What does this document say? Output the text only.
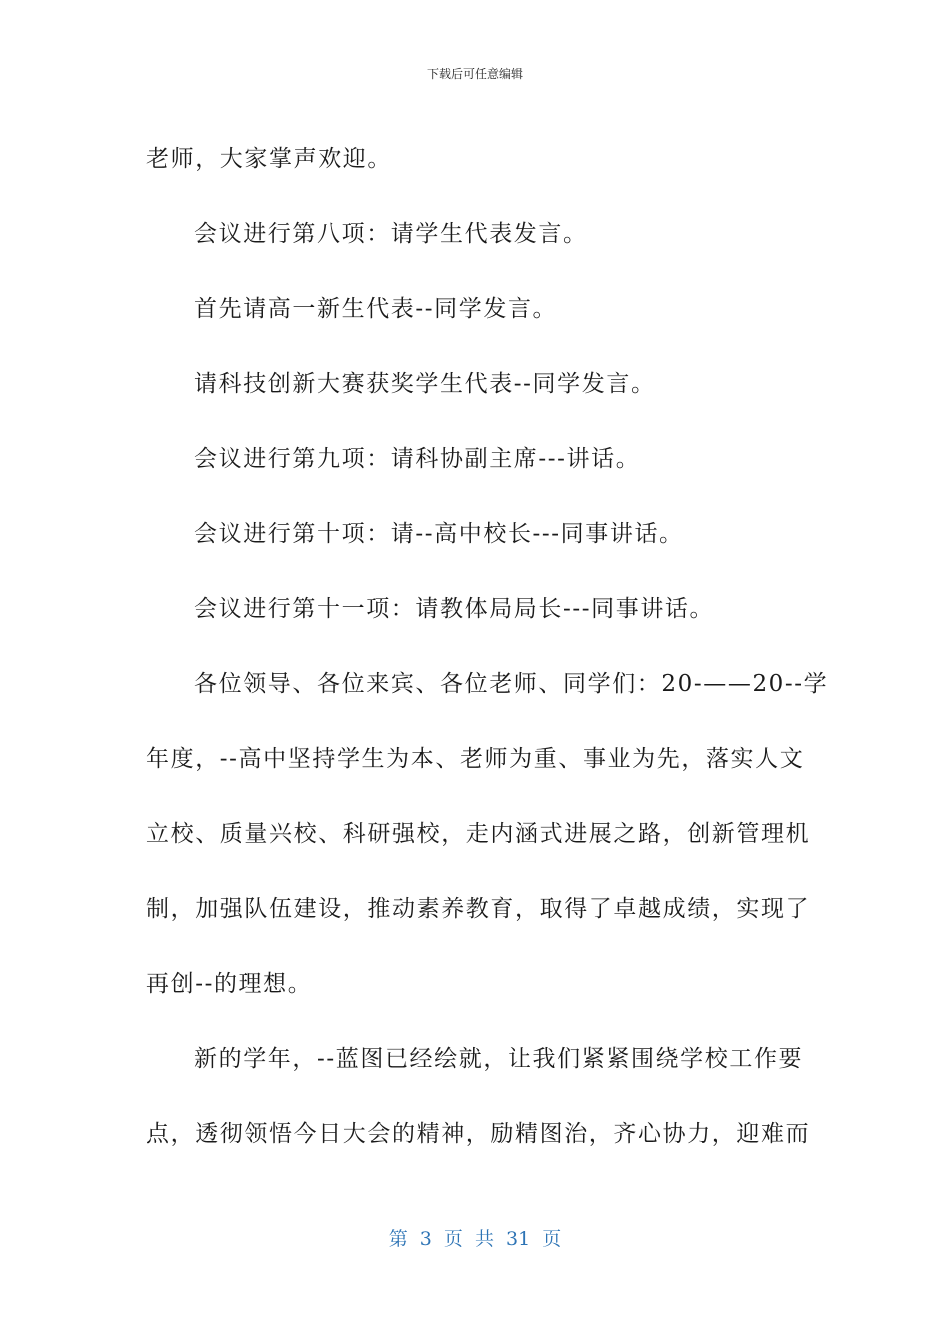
下载后可任意编辑

老师，大家掌声欢迎。

会议进行第八项：请学生代表发言。

首先请高一新生代表--同学发言。

请科技创新大赛获奖学生代表--同学发言。

会议进行第九项：请科协副主席---讲话。

会议进行第十项：请--高中校长---同事讲话。

会议进行第十一项：请教体局局长---同事讲话。

各位领导、各位来宾、各位老师、同学们：20-——20--学

年度，--高中坚持学生为本、老师为重、事业为先，落实人文

立校、质量兴校、科研强校，走内涵式进展之路，创新管理机

制，加强队伍建设，推动素养教育，取得了卓越成绩，实现了

再创--的理想。

新的学年，--蓝图已经绘就，让我们紧紧围绕学校工作要

点，透彻领悟今日大会的精神，励精图治，齐心协力，迎难而

第 3 页 共 31 页
